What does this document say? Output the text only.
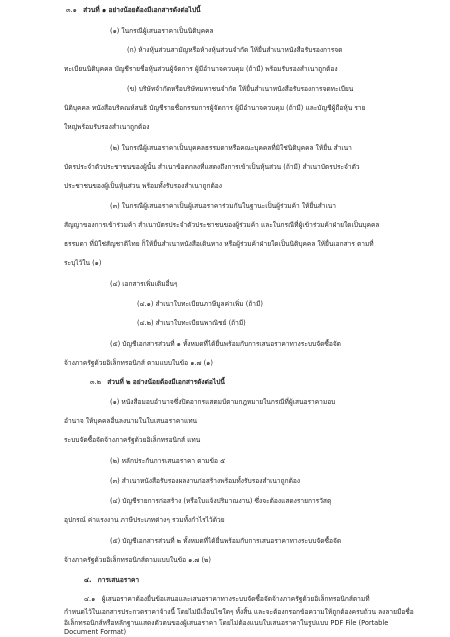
๓.๑ ส่วนที่ ๑ อย่างน้อยต้องมีเอกสารดังต่อไปนี้
(๑) ในกรณีผู้เสนอราคาเป็นนิติบุคคล
(ก) ห้างหุ้นส่วนสามัญหรือห้างหุ้นส่วนจำกัด ให้ยื่นสำเนาหนังสือรับรองการจด
ทะเบียนนิติบุคคล บัญชีรายชื่อหุ้นส่วนผู้จัดการ ผู้มีอำนาจควบคุม (ถ้ามี) พร้อมรับรองสำเนาถูกต้อง
(ข) บริษัทจำกัดหรือบริษัทมหาชนจำกัด ให้ยื่นสำเนาหนังสือรับรองการจดทะเบียน
นิติบุคคล หนังสือบริคณห์สนธิ บัญชีรายชื่อกรรมการผู้จัดการ ผู้มีอำนาจควบคุม (ถ้ามี) และบัญชีผู้ถือหุ้น ราย
ใหญ่พร้อมรับรองสำเนาถูกต้อง
(๒) ในกรณีผู้เสนอราคาเป็นบุคคลธรรมดาหรือคณะบุคคลที่มิใช่นิติบุคคล ให้ยื่น สำเนา
บัตรประจำตัวประชาชนของผู้นั้น สำเนาข้อตกลงที่แสดงถึงการเข้าเป็นหุ้นส่วน (ถ้ามี) สำเนาบัตรประจำตัว
ประชาชนของผู้เป็นหุ้นส่วน พร้อมทั้งรับรองสำเนาถูกต้อง
(๓) ในกรณีผู้เสนอราคาเป็นผู้เสนอราคาร่วมกันในฐานะเป็นผู้ร่วมค้า ให้ยื่นสำเนา
สัญญาของการเข้าร่วมค้า สำเนาบัตรประจำตัวประชาชนของผู้ร่วมค้า และในกรณีที่ผู้เข้าร่วมค้าฝ่ายใดเป็นบุคคล
ธรรมดา ที่มิใช่สัญชาติไทย ก็ให้ยื่นสำเนาหนังสือเดินทาง หรือผู้ร่วมค้าฝ่ายใดเป็นนิติบุคคล ให้ยื่นเอกสาร ตามที่
ระบุไว้ใน (๑)
(๔) เอกสารเพิ่มเติมอื่นๆ
(๔.๑) สำเนาใบทะเบียนภาษีมูลค่าเพิ่ม (ถ้ามี)
(๔.๒) สำเนาใบทะเบียนพาณิชย์ (ถ้ามี)
(๕) บัญชีเอกสารส่วนที่ ๑ ทั้งหมดที่ได้ยื่นพร้อมกับการเสนอราคาทางระบบจัดซื้อจัด
จ้างภาครัฐด้วยอิเล็กทรอนิกส์ ตามแบบในข้อ ๑.๗ (๑)
๓.๒ ส่วนที่ ๒ อย่างน้อยต้องมีเอกสารดังต่อไปนี้
(๑) หนังสือมอบอำนาจซึ่งปิดอากรแสตมป์ตามกฎหมายในกรณีที่ผู้เสนอราคามอบ
อำนาจ ให้บุคคลอื่นลงนามในใบเสนอราคาแทน
ระบบจัดซื้อจัดจ้างภาครัฐด้วยอิเล็กทรอนิกส์ แทน
(๒) หลักประกันการเสนอราคา ตามข้อ ๕
(๓) สำเนาหนังสือรับรองผลงานก่อสร้างพร้อมทั้งรับรองสำเนาถูกต้อง
(๔) บัญชีรายการก่อสร้าง (หรือใบแจ้งปริมาณงาน) ซึ่งจะต้องแสดงรายการวัสดุ
อุปกรณ์ ค่าแรงงาน ภาษีประเภทต่างๆ รวมทั้งกำไรไว้ด้วย
(๕) บัญชีเอกสารส่วนที่ ๒ ทั้งหมดที่ได้ยื่นพร้อมกับการเสนอราคาทางระบบจัดซื้อจัด
จ้างภาครัฐด้วยอิเล็กทรอนิกส์ตามแบบในข้อ ๑.๗ (๒)
๔. การเสนอราคา
๔.๑ ผู้เสนอราคาต้องยื่นข้อเสนอและเสนอราคาทางระบบจัดซื้อจัดจ้างภาครัฐด้วยอิเล็กทรอนิกส์ตามที่
กำหนดไว้ในเอกสารประกวดราคาจ้างนี้ โดยไม่มีเงื่อนไขใดๆ ทั้งสิ้น และจะต้องกรอกข้อความให้ถูกต้องครบถ้วน ลงลายมือชื่อ
อิเล็กทรอนิกส์หรือหลักฐานแสดงตัวตนของผู้เสนอราคา โดยไม่ต้องแนบใบเสนอราคาในรูปแบบ PDF File (Portable
Document Format)
